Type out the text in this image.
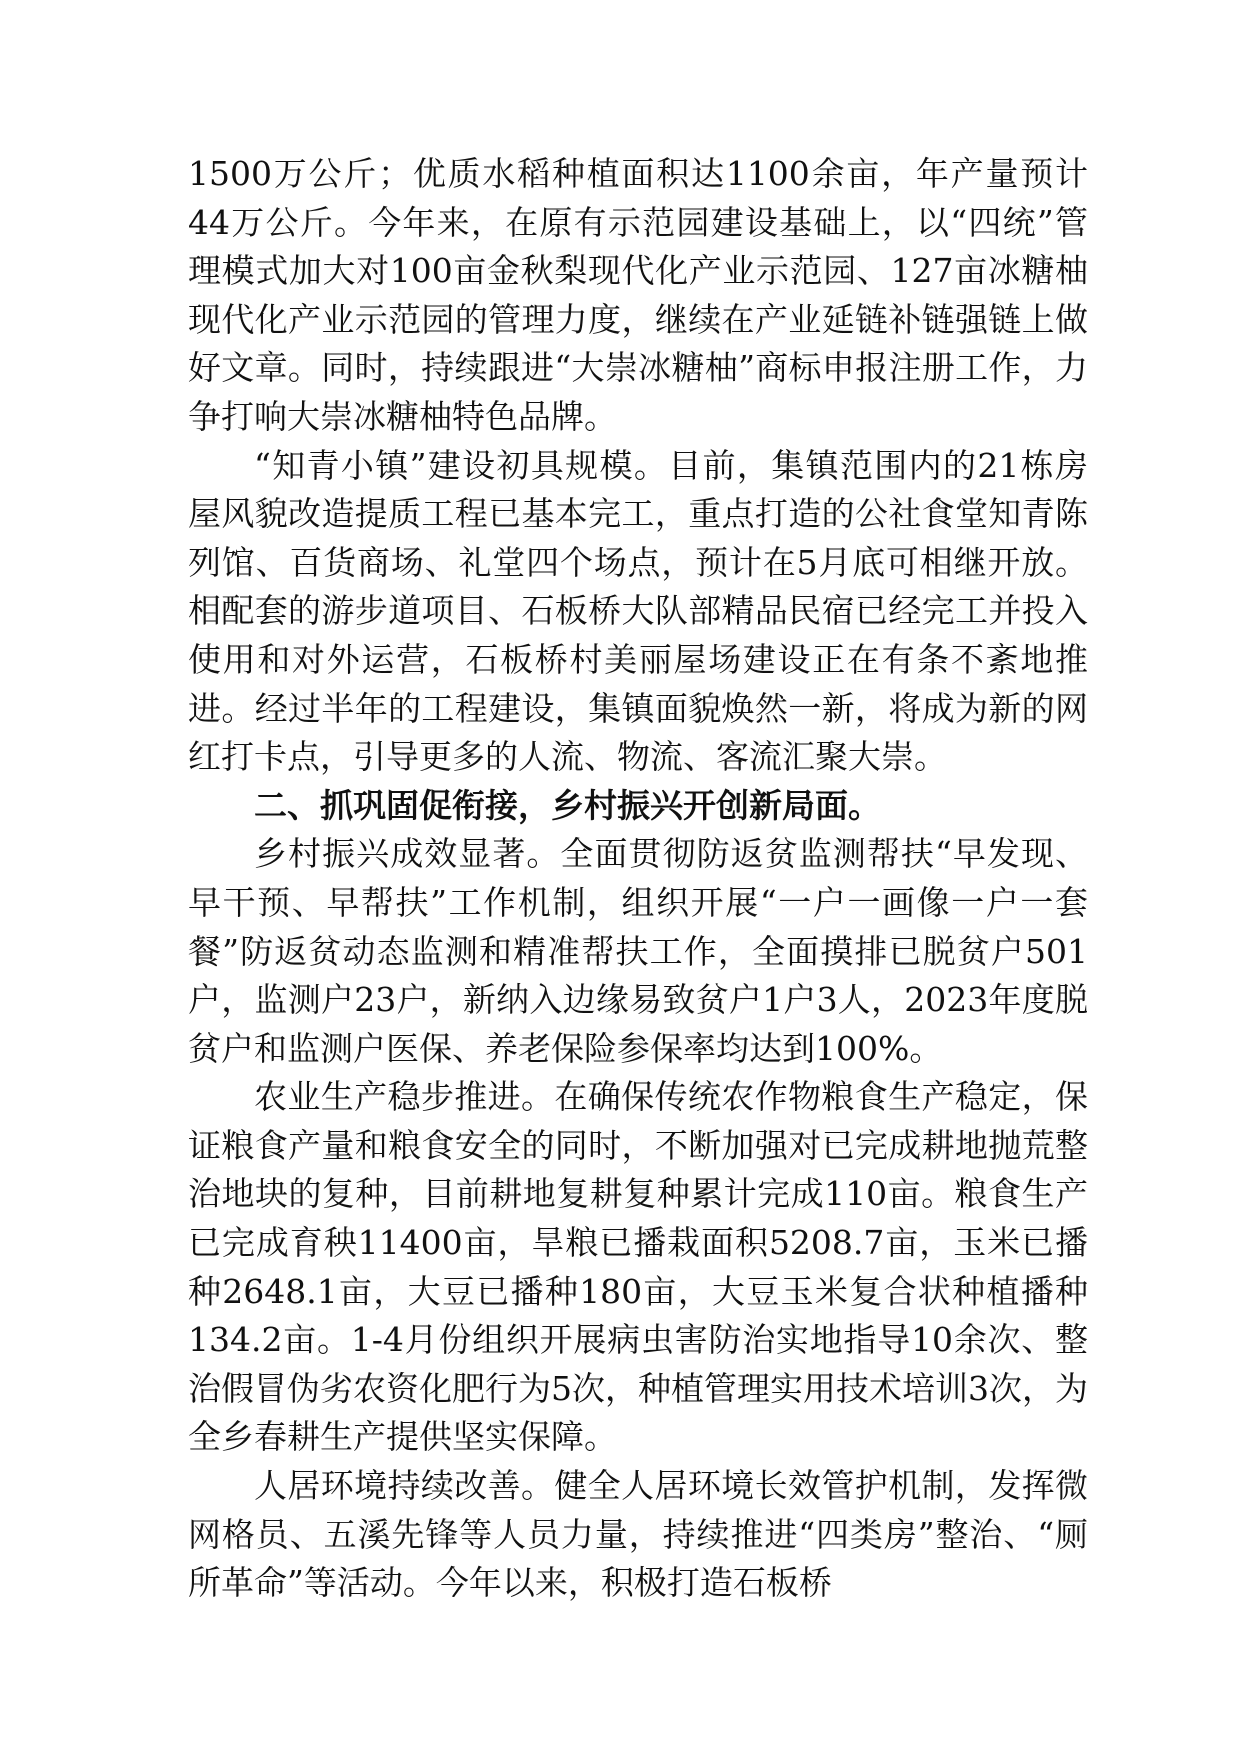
1500万公斤；优质水稻种植面积达1100余亩，年产量预计44万公斤。今年来，在原有示范园建设基础上，以“四统”管理模式加大对100亩金秋梨现代化产业示范园、127亩冰糖柚现代化产业示范园的管理力度，继续在产业延链补链强链上做好文章。同时，持续跟进“大崇冰糖柚”商标申报注册工作，力争打响大崇冰糖柚特色品牌。

“知青小镇”建设初具规模。目前，集镇范围内的21栋房屋风貌改造提质工程已基本完工，重点打造的公社食堂知青陈列馆、百货商场、礼堂四个场点，预计在5月底可相继开放。相配套的游步道项目、石板桥大队部精品民宿已经完工并投入使用和对外运营，石板桥村美丽屋场建设正在有条不紊地推进。经过半年的工程建设，集镇面貌焕然一新，将成为新的网红打卡点，引导更多的人流、物流、客流汇聚大崇。

二、抓巩固促衔接，乡村振兴开创新局面。

乡村振兴成效显著。全面贯彻防返贫监测帮扶“早发现、早干预、早帮扶”工作机制，组织开展“一户一画像一户一套餐”防返贫动态监测和精准帮扶工作，全面摸排已脱贫户501户，监测户23户，新纳入边缘易致贫户1户3人，2023年度脱贫户和监测户医保、养老保险参保率均达到100%。

农业生产稳步推进。在确保传统农作物粮食生产稳定，保证粮食产量和粮食安全的同时，不断加强对已完成耕地抛荒整治地块的复种，目前耕地复耕复种累计完成110亩。粮食生产已完成育秧11400亩，旱粮已播栽面积5208.7亩，玉米已播种2648.1亩，大豆已播种180亩，大豆玉米复合状种植播种134.2亩。1-4月份组织开展病虫害防治实地指导10余次、整治假冒伪劣农资化肥行为5次，种植管理实用技术培训3次，为全乡春耕生产提供坚实保障。

人居环境持续改善。健全人居环境长效管护机制，发挥微网格员、五溪先锋等人员力量，持续推进“四类房”整治、“厕所革命”等活动。今年以来，积极打造石板桥
